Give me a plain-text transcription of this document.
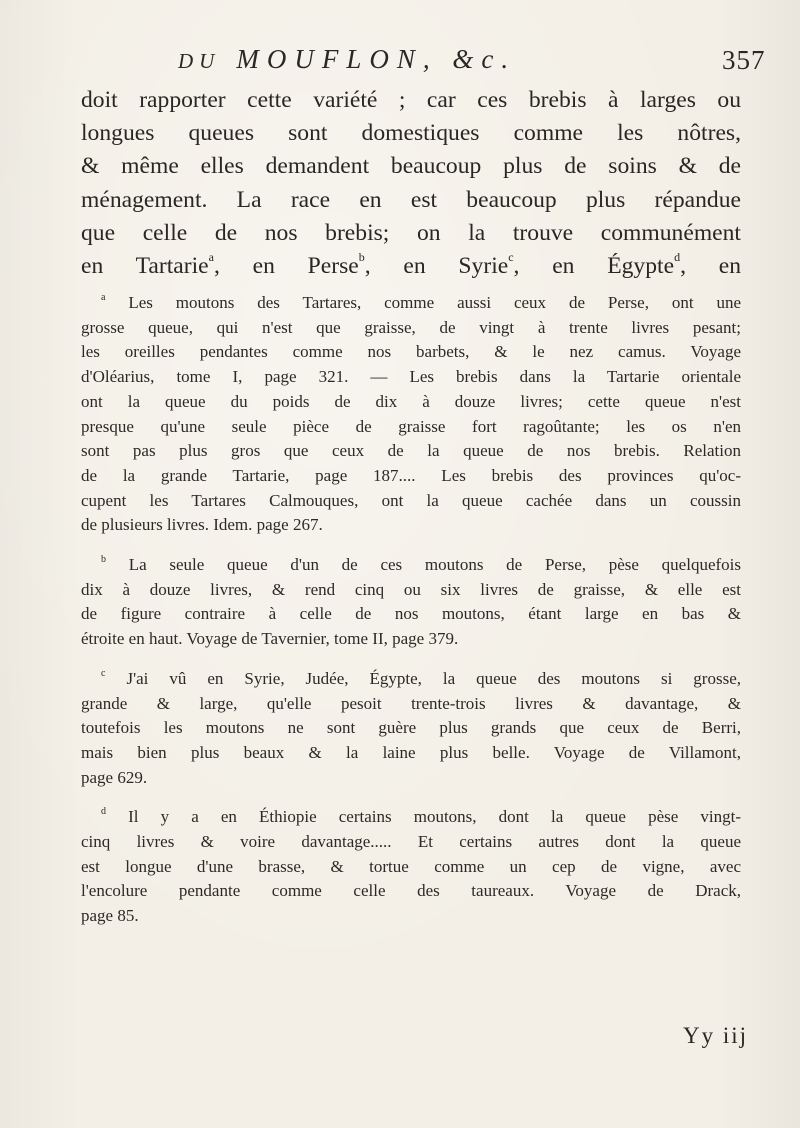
DU MOUFLON, &c.	357
doit rapporter cette variété ; car ces brebis à larges ou
longues queues sont domestiques comme les nôtres,
& même elles demandent beaucoup plus de soins & de
ménagement. La race en est beaucoup plus répandue
que celle de nos brebis; on la trouve communément
en Tartarie$^a$, en Perse$^b$, en Syrie$^c$, en Égypte$^d$, en
$^a$ Les moutons des Tartares, comme aussi ceux de Perse, ont une
grosse queue, qui n'est que graisse, de vingt à trente livres pesant;
les oreilles pendantes comme nos barbets, & le nez camus. Voyage
d'Oléarius, tome I, page 321. — Les brebis dans la Tartarie orientale
ont la queue du poids de dix à douze livres; cette queue n'est
presque qu'une seule pièce de graisse fort ragoûtante; les os n'en
sont pas plus gros que ceux de la queue de nos brebis. Relation
de la grande Tartarie, page 187.... Les brebis des provinces qu'oc-
cupent les Tartares Calmouques, ont la queue cachée dans un coussin
de plusieurs livres. Idem. page 267.
$^b$ La seule queue d'un de ces moutons de Perse, pèse quelquefois
dix à douze livres, & rend cinq ou six livres de graisse, & elle est
de figure contraire à celle de nos moutons, étant large en bas &
étroite en haut. Voyage de Tavernier, tome II, page 379.
$^c$ J'ai vû en Syrie, Judée, Égypte, la queue des moutons si grosse,
grande & large, qu'elle pesoit trente-trois livres & davantage, &
toutefois les moutons ne sont guère plus grands que ceux de Berri,
mais bien plus beaux & la laine plus belle. Voyage de Villamont,
page 629.
$^d$ Il y a en Éthiopie certains moutons, dont la queue pèse vingt-
cinq livres & voire davantage..... Et certains autres dont la queue
est longue d'une brasse, & tortue comme un cep de vigne, avec
l'encolure pendante comme celle des taureaux. Voyage de Drack,
page 85.
Yy iij
